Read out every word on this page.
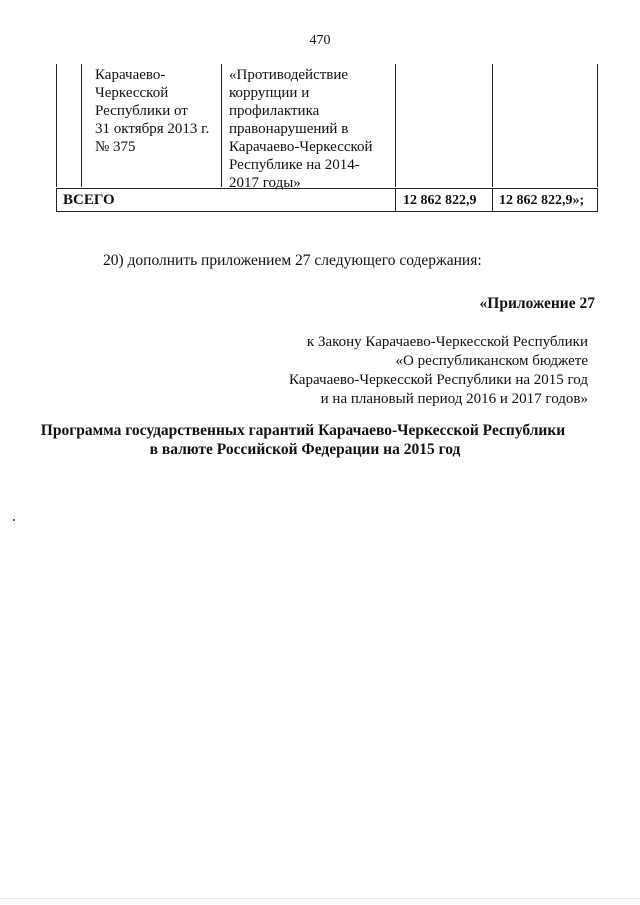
470
Карачаево-
Черкесской
Республики от
31 октября 2013 г.
№ 375
«Противодействие
коррупции и
профилактика
правонарушений в
Карачаево-Черкесской
Республике на 2014-
2017 годы»
ВСЕГО	12 862 822,9 12 862 822,9»;
20) дополнить приложением 27 следующего содержания:
«Приложение 27
к Закону Карачаево-Черкесской Республики
«О республиканском бюджете
Карачаево-Черкесской Республики на 2015 год
и на плановый период 2016 и 2017 годов»
Программа государственных гарантий Карачаево-Черкесской Республики
в валюте Российской Федерации на 2015 год
